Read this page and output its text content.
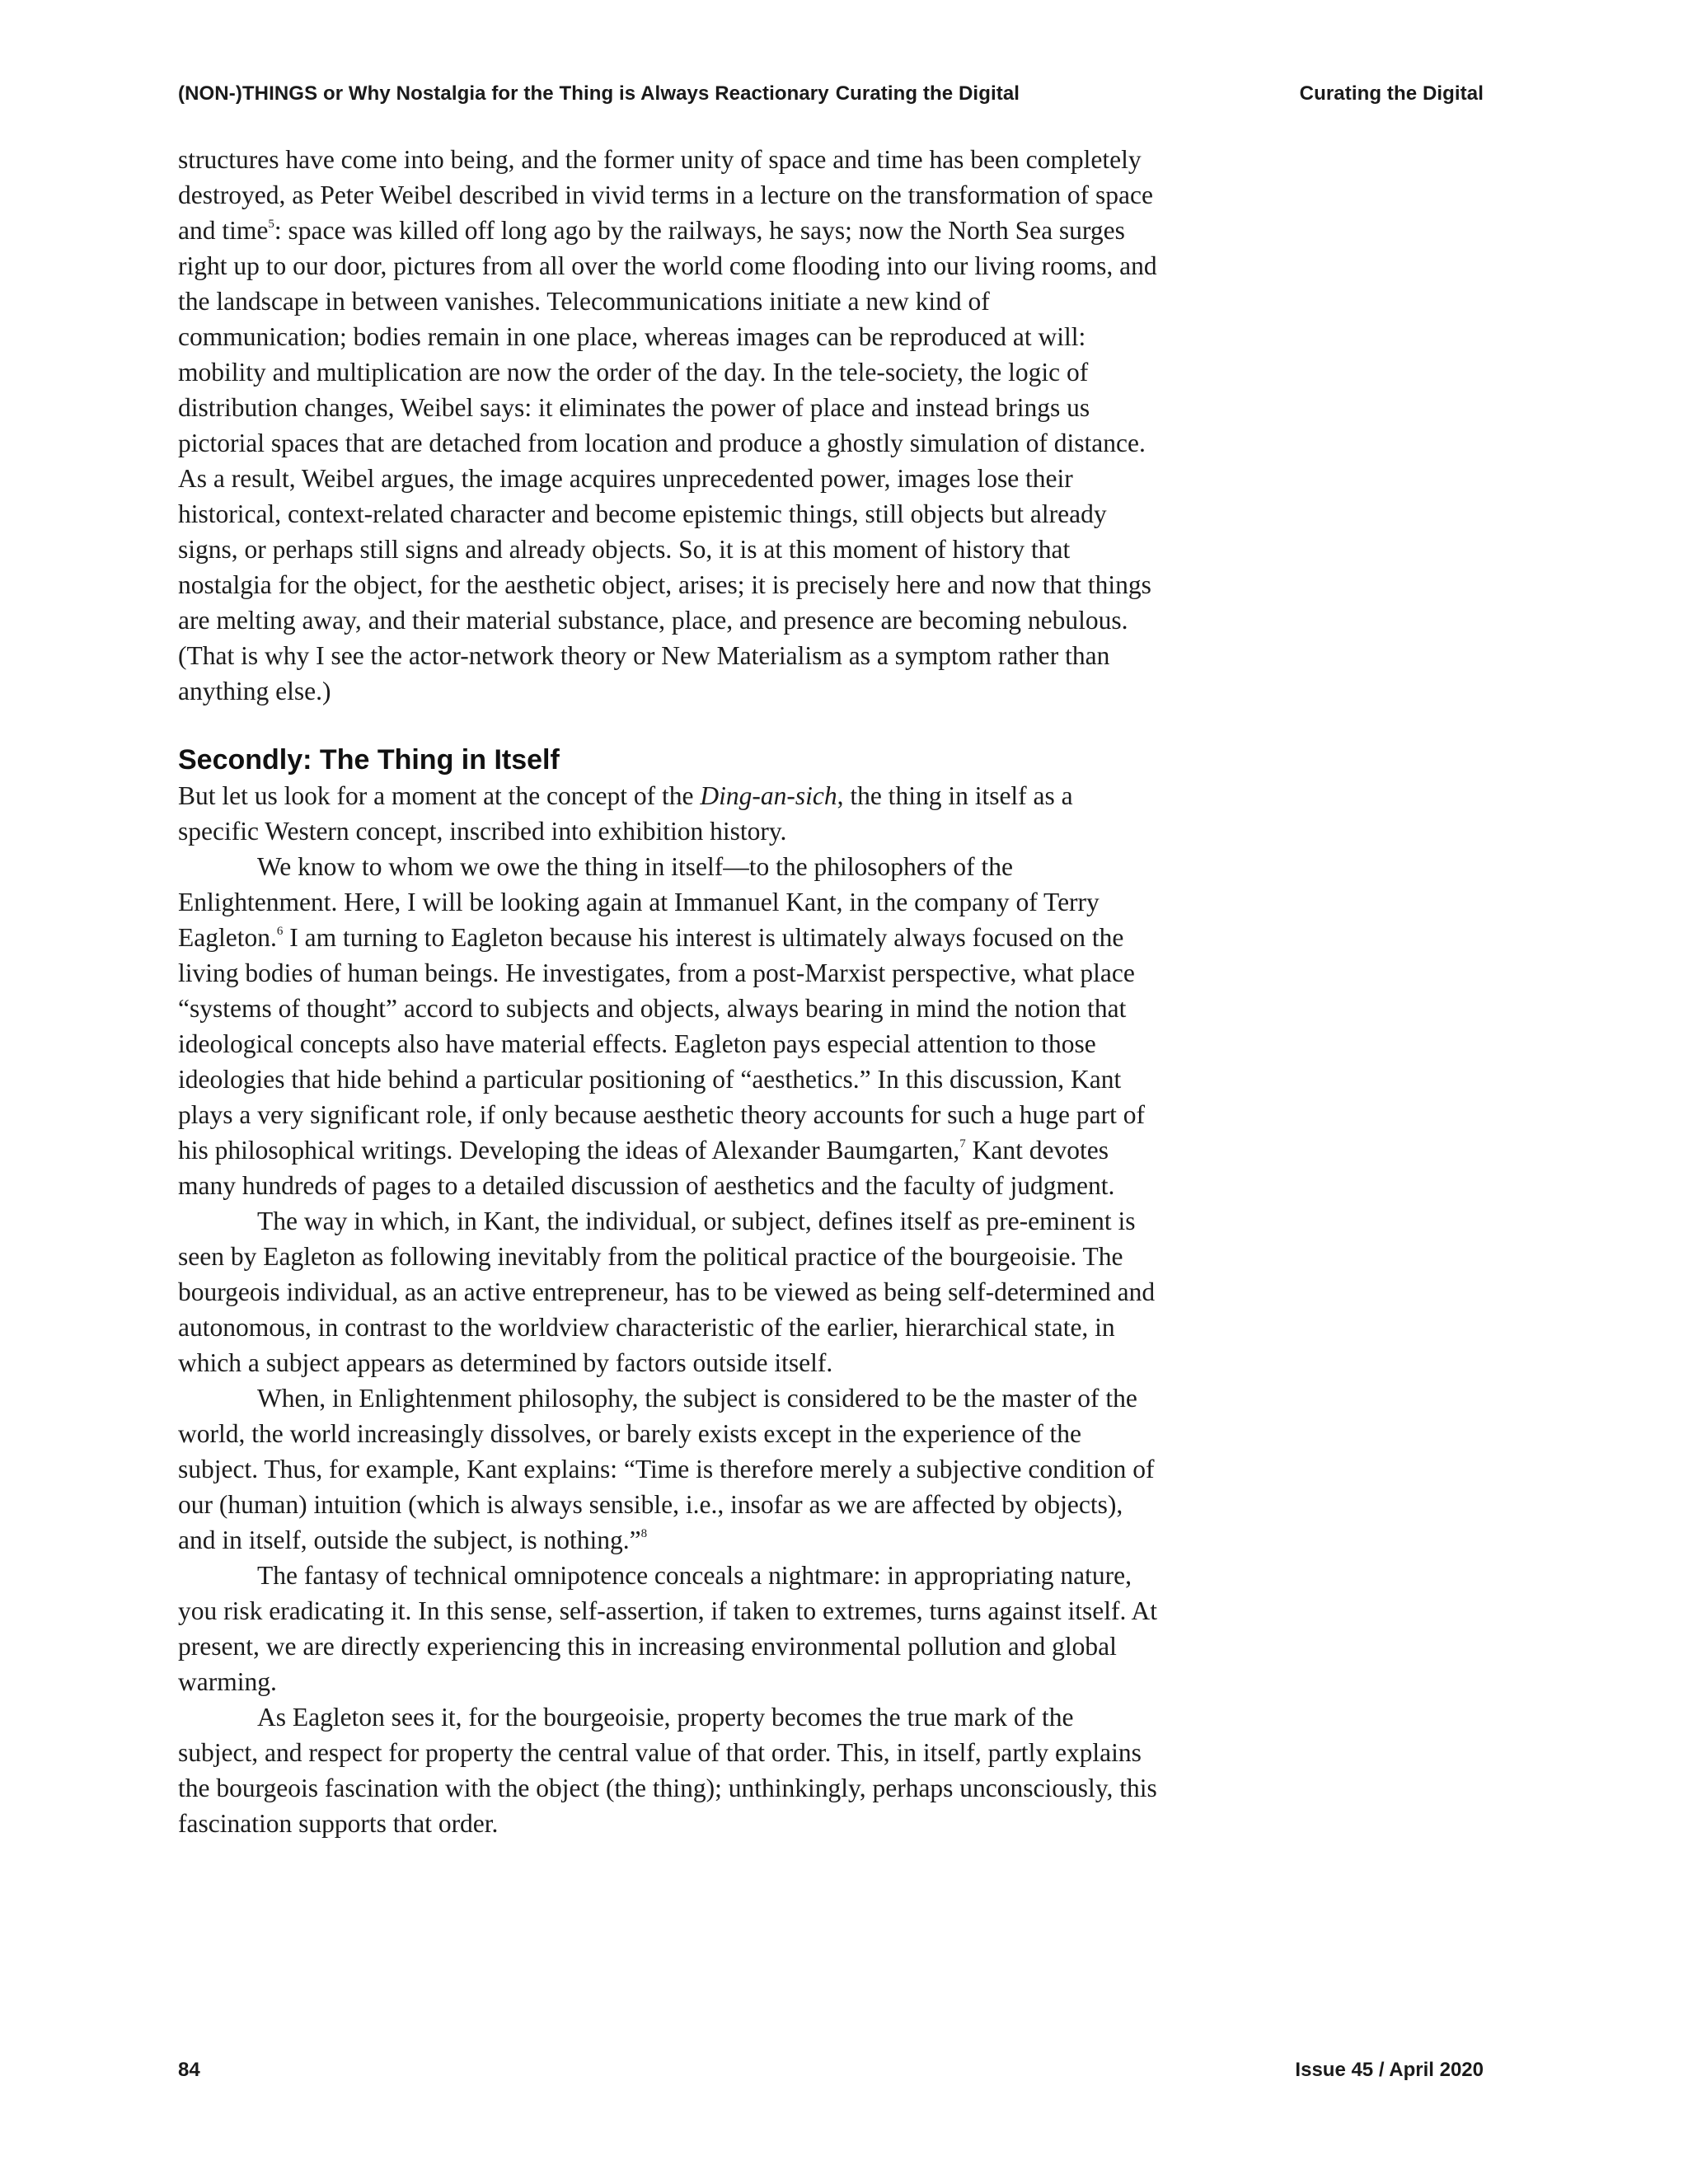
(NON-)THINGS or Why Nostalgia for the Thing is Always Reactionary Curating the Digital	Curating the Digital

structures have come into being, and the former unity of space and time has been completely destroyed, as Peter Weibel described in vivid terms in a lecture on the transformation of space and time$^5$: space was killed off long ago by the railways, he says; now the North Sea surges right up to our door, pictures from all over the world come flooding into our living rooms, and the landscape in between vanishes. Telecommunications initiate a new kind of communication; bodies remain in one place, whereas images can be reproduced at will: mobility and multiplication are now the order of the day. In the tele-society, the logic of distribution changes, Weibel says: it eliminates the power of place and instead brings us pictorial spaces that are detached from location and produce a ghostly simulation of distance. As a result, Weibel argues, the image acquires unprecedented power, images lose their historical, context-related character and become epistemic things, still objects but already signs, or perhaps still signs and already objects. So, it is at this moment of history that nostalgia for the object, for the aesthetic object, arises; it is precisely here and now that things are melting away, and their material substance, place, and presence are becoming nebulous. (That is why I see the actor-network theory or New Materialism as a symptom rather than anything else.)

Secondly: The Thing in Itself

But let us look for a moment at the concept of the Ding-an-sich, the thing in itself as a specific Western concept, inscribed into exhibition history.

We know to whom we owe the thing in itself—to the philosophers of the Enlightenment. Here, I will be looking again at Immanuel Kant, in the company of Terry Eagleton.$^6$ I am turning to Eagleton because his interest is ultimately always focused on the living bodies of human beings. He investigates, from a post-Marxist perspective, what place “systems of thought” accord to subjects and objects, always bearing in mind the notion that ideological concepts also have material effects. Eagleton pays especial attention to those ideologies that hide behind a particular positioning of “aesthetics.” In this discussion, Kant plays a very significant role, if only because aesthetic theory accounts for such a huge part of his philosophical writings. Developing the ideas of Alexander Baumgarten,$^7$ Kant devotes many hundreds of pages to a detailed discussion of aesthetics and the faculty of judgment.

The way in which, in Kant, the individual, or subject, defines itself as pre-eminent is seen by Eagleton as following inevitably from the political practice of the bourgeoisie. The bourgeois individual, as an active entrepreneur, has to be viewed as being self-determined and autonomous, in contrast to the worldview characteristic of the earlier, hierarchical state, in which a subject appears as determined by factors outside itself.

When, in Enlightenment philosophy, the subject is considered to be the master of the world, the world increasingly dissolves, or barely exists except in the experience of the subject. Thus, for example, Kant explains: “Time is therefore merely a subjective condition of our (human) intuition (which is always sensible, i.e., insofar as we are affected by objects), and in itself, outside the subject, is nothing.”$^8$

The fantasy of technical omnipotence conceals a nightmare: in appropriating nature, you risk eradicating it. In this sense, self-assertion, if taken to extremes, turns against itself. At present, we are directly experiencing this in increasing environmental pollution and global warming.

As Eagleton sees it, for the bourgeoisie, property becomes the true mark of the subject, and respect for property the central value of that order. This, in itself, partly explains the bourgeois fascination with the object (the thing); unthinkingly, perhaps unconsciously, this fascination supports that order.

84	Issue 45 / April 2020
